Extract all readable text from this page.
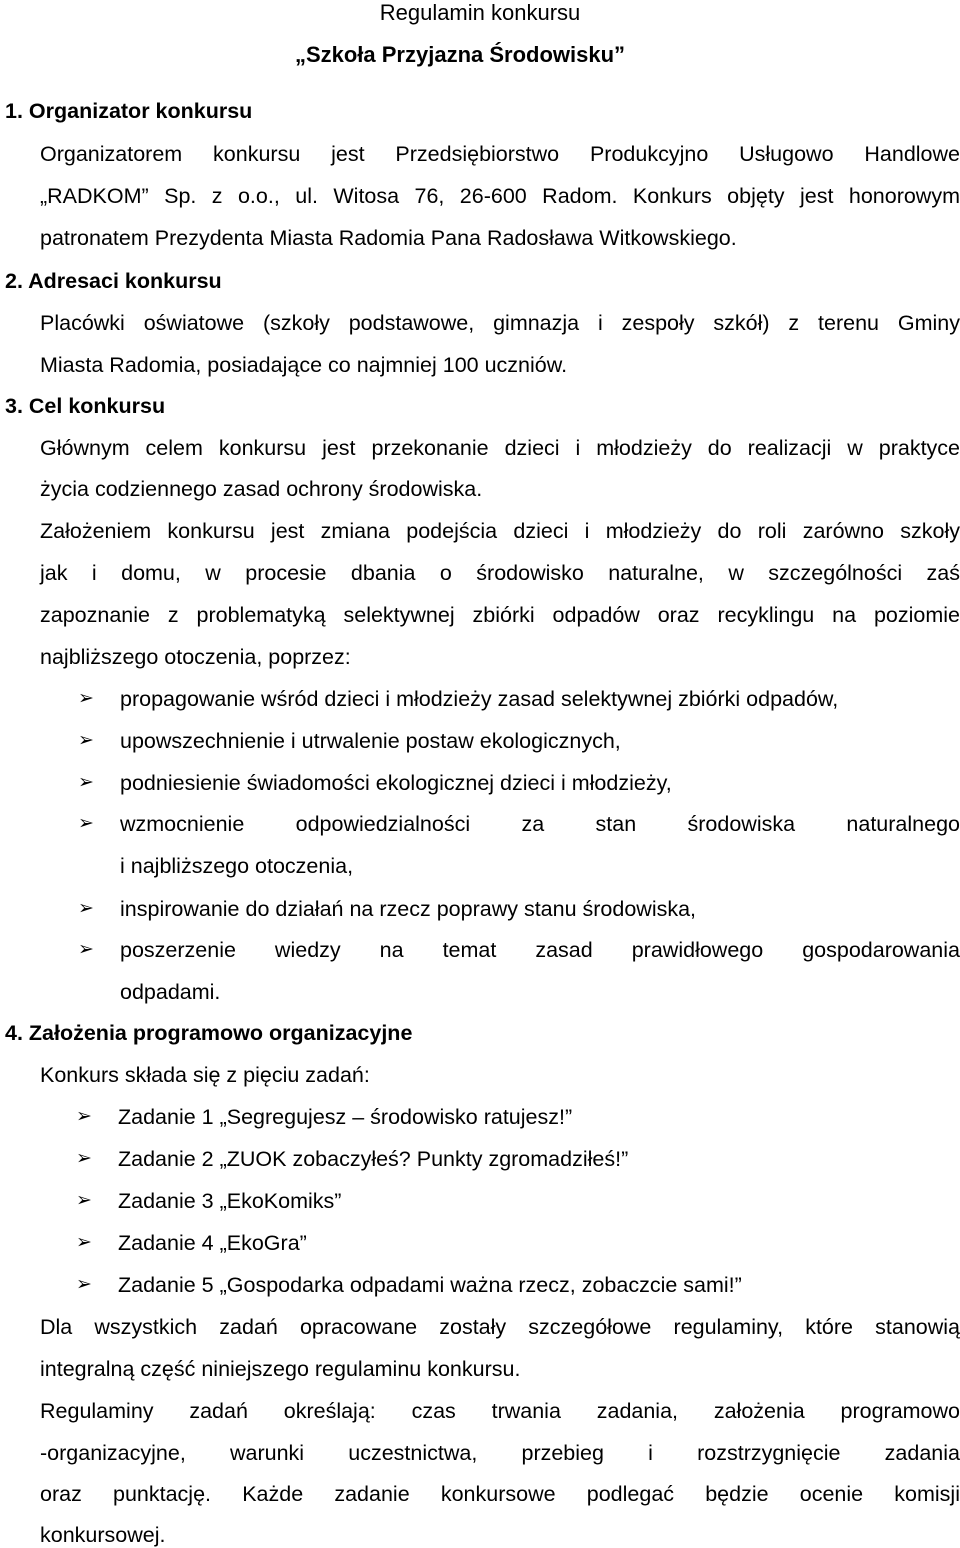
Regulamin konkursu
„Szkoła Przyjazna Środowisku”
1. Organizator konkursu
Organizatorem konkursu jest Przedsiębiorstwo Produkcyjno Usługowo Handlowe
„RADKOM” Sp. z o.o., ul. Witosa 76, 26-600 Radom. Konkurs objęty jest honorowym
patronatem Prezydenta Miasta Radomia Pana Radosława Witkowskiego.
2. Adresaci konkursu
Placówki oświatowe (szkoły podstawowe, gimnazja i zespoły szkół) z terenu Gminy
Miasta Radomia, posiadające co najmniej 100 uczniów.
3. Cel konkursu
Głównym celem konkursu jest przekonanie dzieci i młodzieży do realizacji w praktyce
życia codziennego zasad ochrony środowiska.
Założeniem konkursu jest zmiana podejścia dzieci i młodzieży do roli zarówno szkoły
jak i domu, w procesie dbania o środowisko naturalne, w szczególności zaś
zapoznanie z problematyką selektywnej zbiórki odpadów oraz recyklingu na poziomie
najbliższego otoczenia, poprzez:
➢ propagowanie wśród dzieci i młodzieży zasad selektywnej zbiórki odpadów,
➢ upowszechnienie i utrwalenie postaw ekologicznych,
➢ podniesienie świadomości ekologicznej dzieci i młodzieży,
➢ wzmocnienie odpowiedzialności za stan środowiska naturalnego
i najbliższego otoczenia,
➢ inspirowanie do działań na rzecz poprawy stanu środowiska,
➢ poszerzenie wiedzy na temat zasad prawidłowego gospodarowania
odpadami.
4. Założenia programowo organizacyjne
Konkurs składa się z pięciu zadań:
➢ Zadanie 1 „Segregujesz – środowisko ratujesz!”
➢ Zadanie 2 „ZUOK zobaczyłeś? Punkty zgromadziłeś!”
➢ Zadanie 3 „EkoKomiks”
➢ Zadanie 4 „EkoGra”
➢ Zadanie 5 „Gospodarka odpadami ważna rzecz, zobaczcie sami!”
Dla wszystkich zadań opracowane zostały szczegółowe regulaminy, które stanowią
integralną część niniejszego regulaminu konkursu.
Regulaminy zadań określają: czas trwania zadania, założenia programowo
-organizacyjne, warunki uczestnictwa, przebieg i rozstrzygnięcie zadania
oraz punktację. Każde zadanie konkursowe podlegać będzie ocenie komisji
konkursowej.
